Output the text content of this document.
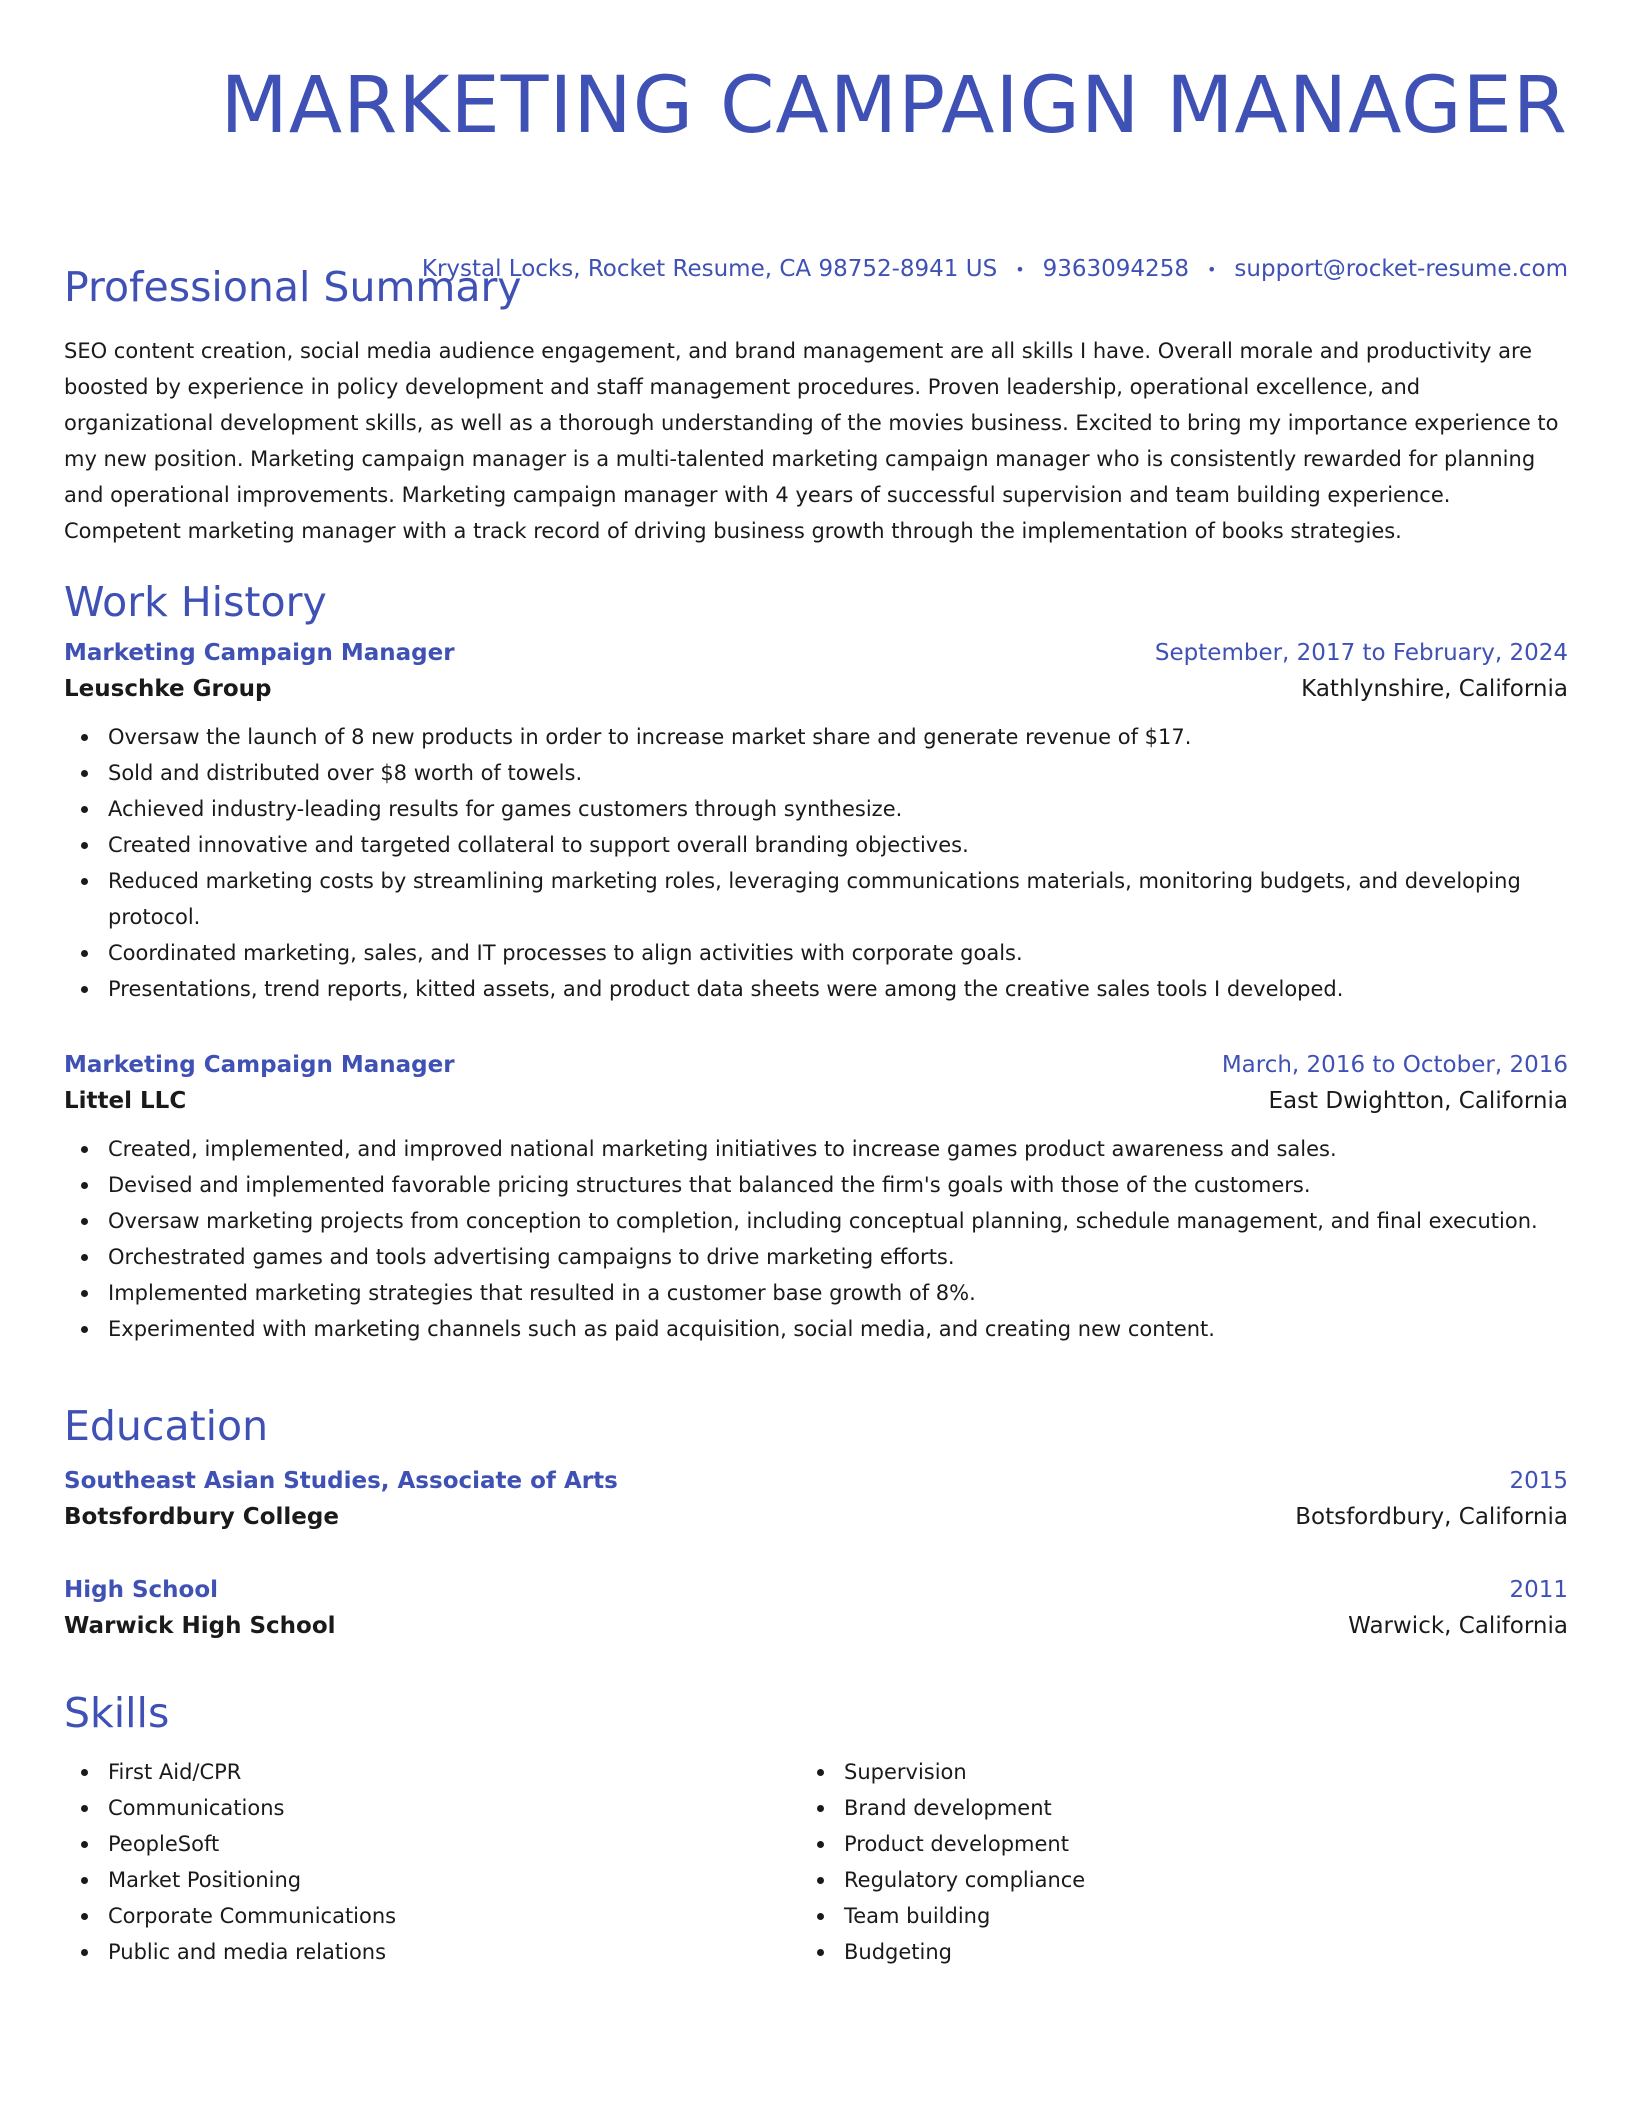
MARKETING CAMPAIGN MANAGER
Krystal Locks, Rocket Resume, CA 98752-8941 US • 9363094258 • support@rocket-resume.com
Professional Summary

SEO content creation, social media audience engagement, and brand management are all skills I have. Overall morale and productivity are boosted by experience in policy development and staff management procedures. Proven leadership, operational excellence, and organizational development skills, as well as a thorough understanding of the movies business. Excited to bring my importance experience to my new position. Marketing campaign manager is a multi-talented marketing campaign manager who is consistently rewarded for planning and operational improvements. Marketing campaign manager with 4 years of successful supervision and team building experience. Competent marketing manager with a track record of driving business growth through the implementation of books strategies.

Work History
Marketing Campaign Manager	September, 2017 to February, 2024
Leuschke Group	Kathlynshire, California
Oversaw the launch of 8 new products in order to increase market share and generate revenue of $17.
Sold and distributed over $8 worth of towels.
Achieved industry-leading results for games customers through synthesize.
Created innovative and targeted collateral to support overall branding objectives.
Reduced marketing costs by streamlining marketing roles, leveraging communications materials, monitoring budgets, and developing protocol.
Coordinated marketing, sales, and IT processes to align activities with corporate goals.
Presentations, trend reports, kitted assets, and product data sheets were among the creative sales tools I developed.
Marketing Campaign Manager	March, 2016 to October, 2016
Littel LLC	East Dwightton, California
Created, implemented, and improved national marketing initiatives to increase games product awareness and sales.
Devised and implemented favorable pricing structures that balanced the firm's goals with those of the customers.
Oversaw marketing projects from conception to completion, including conceptual planning, schedule management, and final execution.
Orchestrated games and tools advertising campaigns to drive marketing efforts.
Implemented marketing strategies that resulted in a customer base growth of 8%.
Experimented with marketing channels such as paid acquisition, social media, and creating new content.
Education
Southeast Asian Studies, Associate of Arts	2015
Botsfordbury College	Botsfordbury, California
High School	2011
Warwick High School	Warwick, California
Skills
First Aid/CPR
Communications
PeopleSoft
Market Positioning
Corporate Communications
Public and media relations
Supervision
Brand development
Product development
Regulatory compliance
Team building
Budgeting
